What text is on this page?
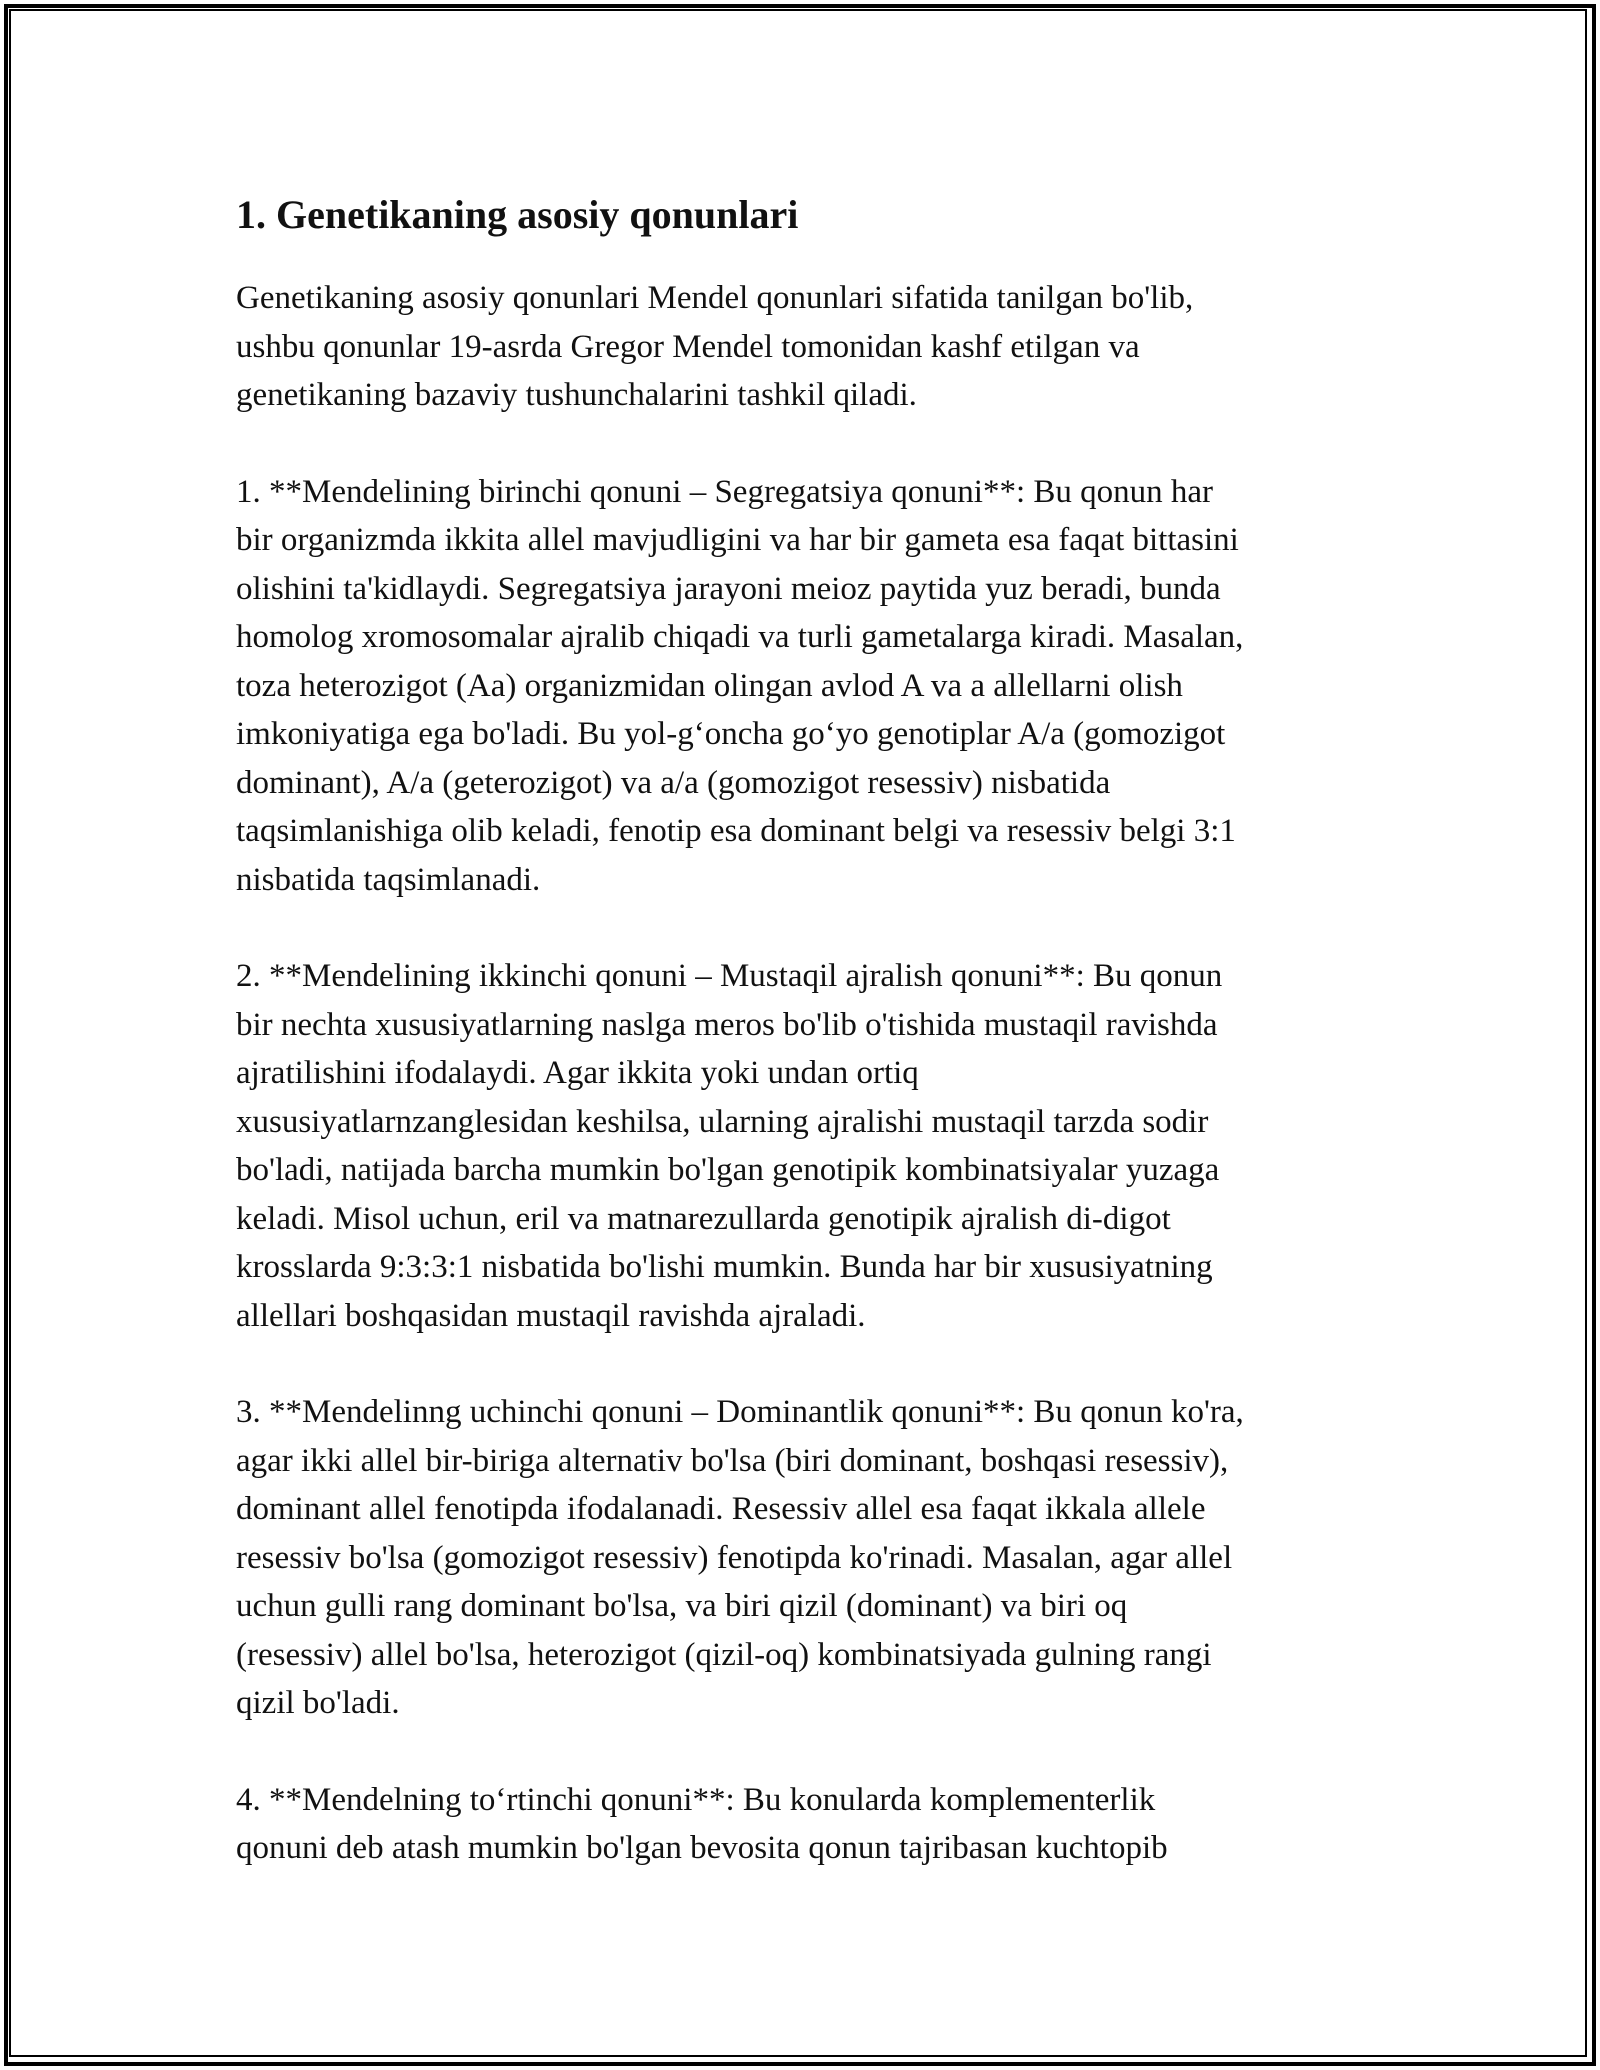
1. Genetikaning asosiy qonunlari

Genetikaning asosiy qonunlari Mendel qonunlari sifatida tanilgan bo'lib,
ushbu qonunlar 19-asrda Gregor Mendel tomonidan kashf etilgan va
genetikaning bazaviy tushunchalarini tashkil qiladi.

1. **Mendelining birinchi qonuni – Segregatsiya qonuni**: Bu qonun har
bir organizmda ikkita allel mavjudligini va har bir gameta esa faqat bittasini
olishini ta'kidlaydi. Segregatsiya jarayoni meioz paytida yuz beradi, bunda
homolog xromosomalar ajralib chiqadi va turli gametalarga kiradi. Masalan,
toza heterozigot (Aa) organizmidan olingan avlod A va a allellarni olish
imkoniyatiga ega bo'ladi. Bu yol-g‘oncha go‘yo genotiplar A/a (gomozigot
dominant), A/a (geterozigot) va a/a (gomozigot resessiv) nisbatida
taqsimlanishiga olib keladi, fenotip esa dominant belgi va resessiv belgi 3:1
nisbatida taqsimlanadi.

2. **Mendelining ikkinchi qonuni – Mustaqil ajralish qonuni**: Bu qonun
bir nechta xususiyatlarning naslga meros bo'lib o'tishida mustaqil ravishda
ajratilishini ifodalaydi. Agar ikkita yoki undan ortiq
xususiyatlarnzanglesidan keshilsa, ularning ajralishi mustaqil tarzda sodir
bo'ladi, natijada barcha mumkin bo'lgan genotipik kombinatsiyalar yuzaga
keladi. Misol uchun, eril va matnarezullarda genotipik ajralish di-digot
krosslarda 9:3:3:1 nisbatida bo'lishi mumkin. Bunda har bir xususiyatning
allellari boshqasidan mustaqil ravishda ajraladi.

3. **Mendelinng uchinchi qonuni – Dominantlik qonuni**: Bu qonun ko'ra,
agar ikki allel bir-biriga alternativ bo'lsa (biri dominant, boshqasi resessiv),
dominant allel fenotipda ifodalanadi. Resessiv allel esa faqat ikkala allele
resessiv bo'lsa (gomozigot resessiv) fenotipda ko'rinadi. Masalan, agar allel
uchun gulli rang dominant bo'lsa, va biri qizil (dominant) va biri oq
(resessiv) allel bo'lsa, heterozigot (qizil-oq) kombinatsiyada gulning rangi
qizil bo'ladi.

4. **Mendelning to‘rtinchi qonuni**: Bu konularda komplementerlik
qonuni deb atash mumkin bo'lgan bevosita qonun tajribasan kuchtopib
